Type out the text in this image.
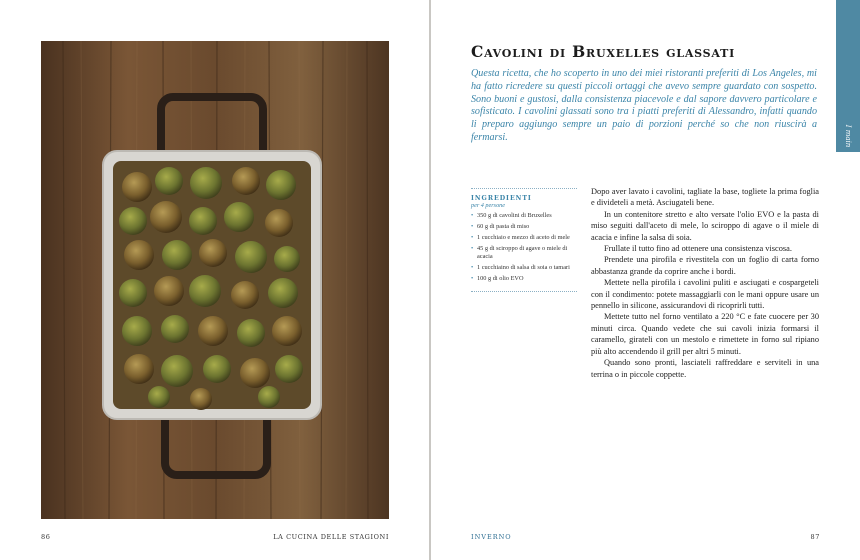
86	LA CUCINA DELLE STAGIONI
I main
Cavolini di Bruxelles glassati

Questa ricetta, che ho scoperto in uno dei miei ristoranti preferiti di Los Angeles, mi ha fatto ricredere su questi piccoli ortaggi che avevo sempre guardato con sospetto. Sono buoni e gustosi, dalla consistenza piacevole e dal sapore davvero particolare e sofisticato. I cavolini glassati sono tra i piatti preferiti di Alessandro, infatti quando li preparo aggiungo sempre un paio di porzioni perché so che non riuscirà a fermarsi.

INGREDIENTI
per 4 persone
• 350 g di cavolini di Bruxelles
• 60 g di pasta di miso
• 1 cucchiaio e mezzo di aceto di mele
• 45 g di sciroppo di agave o miele di acacia
• 1 cucchiaino di salsa di soia o tamari
• 100 g di olio EVO

Dopo aver lavato i cavolini, tagliate la base, togliete la prima foglia e divideteli a metà. Asciugateli bene.

In un contenitore stretto e alto versate l'olio EVO e la pasta di miso seguiti dall'aceto di mele, lo sciroppo di agave o il miele di acacia e infine la salsa di soia.

Frullate il tutto fino ad ottenere una consistenza viscosa.

Prendete una pirofila e rivestitela con un foglio di carta forno abbastanza grande da coprire anche i bordi.

Mettete nella pirofila i cavolini puliti e asciugati e cospargeteli con il condimento: potete massaggiarli con le mani oppure usare un pennello in silicone, assicurandovi di ricoprirli tutti.

Mettete tutto nel forno ventilato a 220 °C e fate cuocere per 30 minuti circa. Quando vedete che sui cavoli inizia formarsi il caramello, girateli con un mestolo e rimettete in forno sul ripiano più alto accendendo il grill per altri 5 minuti.

Quando sono pronti, lasciateli raffreddare e serviteli in una terrina o in piccole coppette.

INVERNO	87
